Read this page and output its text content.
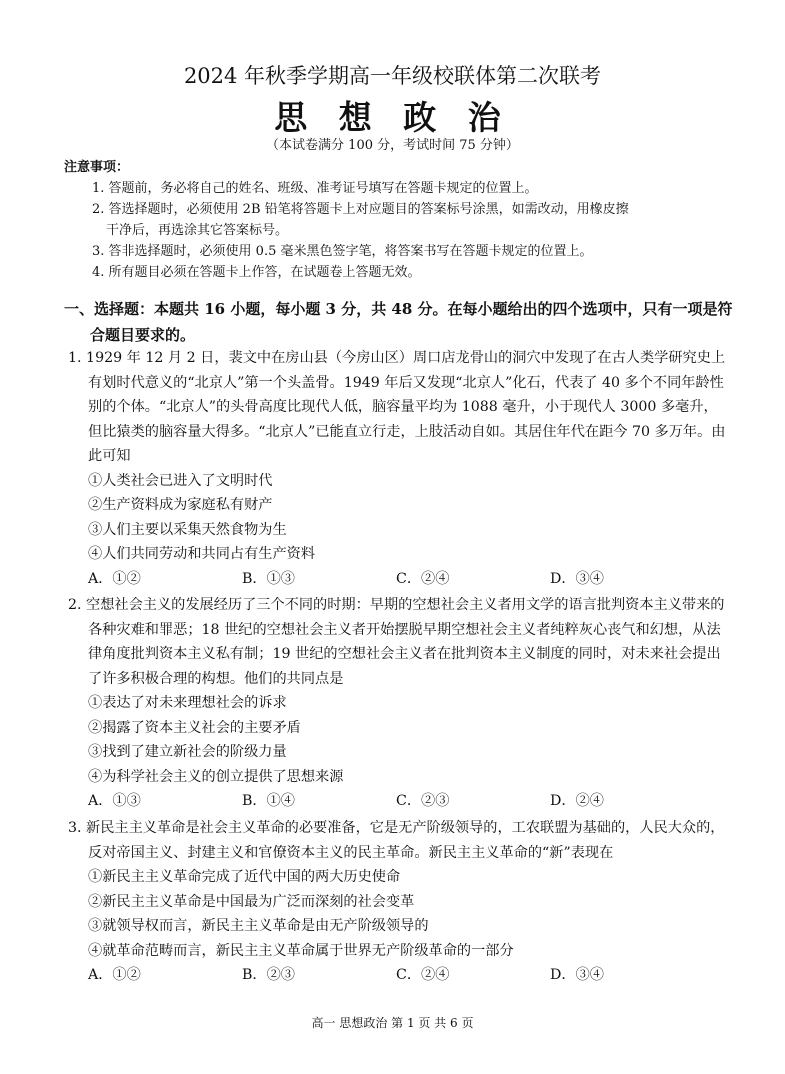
2024 年秋季学期高一年级校联体第二次联考
思 想 政 治
（本试卷满分 100 分，考试时间 75 分钟）
注意事项：
1. 答题前，务必将自己的姓名、班级、准考证号填写在答题卡规定的位置上。
2. 答选择题时，必须使用 2B 铅笔将答题卡上对应题目的答案标号涂黑，如需改动，用橡皮擦
干净后，再选涂其它答案标号。
3. 答非选择题时，必须使用 0.5 毫米黑色签字笔，将答案书写在答题卡规定的位置上。
4. 所有题目必须在答题卡上作答，在试题卷上答题无效。
一、选择题：本题共 16 小题，每小题 3 分，共 48 分。在每小题给出的四个选项中，只有一项是符
合题目要求的。
1. 1929 年 12 月 2 日，裴文中在房山县（今房山区）周口店龙骨山的洞穴中发现了在古人类学研究史上有划时代意义的“北京人”第一个头盖骨。1949 年后又发现“北京人”化石，代表了 40 多个不同年龄性别的个体。“北京人”的头骨高度比现代人低，脑容量平均为 1088 毫升，小于现代人 3000 多毫升，但比猿类的脑容量大得多。“北京人”已能直立行走，上肢活动自如。其居住年代在距今 70 多万年。由此可知
①人类社会已进入了文明时代
②生产资料成为家庭私有财产
③人们主要以采集天然食物为生
④人们共同劳动和共同占有生产资料
A．①②	B．①③	C．②④	D．③④
2. 空想社会主义的发展经历了三个不同的时期：早期的空想社会主义者用文学的语言批判资本主义带来的各种灾难和罪恶；18 世纪的空想社会主义者开始摆脱早期空想社会主义者纯粹灰心丧气和幻想，从法律角度批判资本主义私有制；19 世纪的空想社会主义者在批判资本主义制度的同时，对未来社会提出了许多积极合理的构想。他们的共同点是
①表达了对未来理想社会的诉求
②揭露了资本主义社会的主要矛盾
③找到了建立新社会的阶级力量
④为科学社会主义的创立提供了思想来源
A．①③	B．①④	C．②③	D．②④
3. 新民主主义革命是社会主义革命的必要准备，它是无产阶级领导的，工农联盟为基础的，人民大众的，反对帝国主义、封建主义和官僚资本主义的民主革命。新民主主义革命的“新”表现在
①新民主主义革命完成了近代中国的两大历史使命
②新民主主义革命是中国最为广泛而深刻的社会变革
③就领导权而言，新民主主义革命是由无产阶级领导的
④就革命范畴而言，新民主主义革命属于世界无产阶级革命的一部分
A．①②	B．②③	C．②④	D．③④
高一 思想政治 第 1 页 共 6 页
